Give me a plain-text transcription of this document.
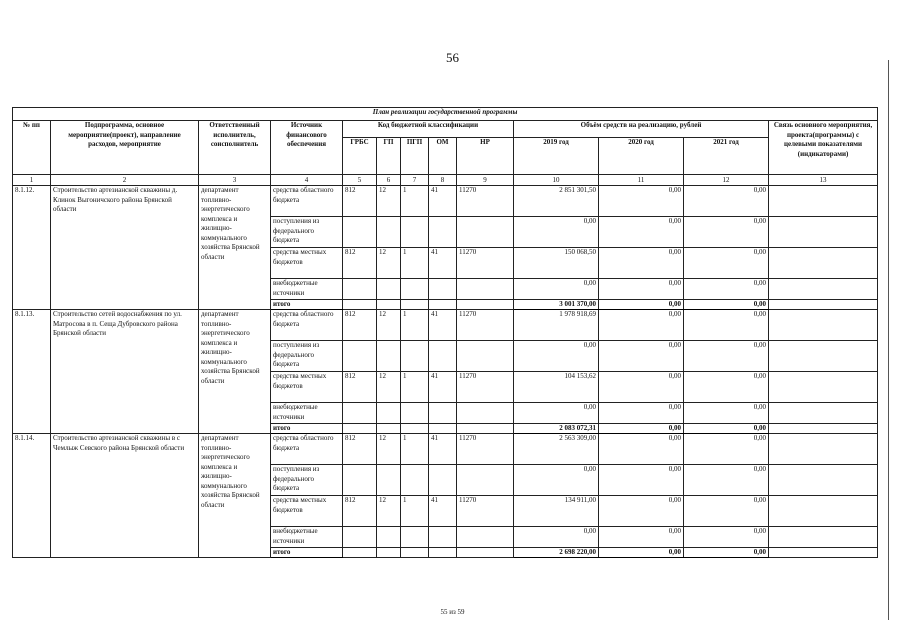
56
План реализации государственной программы												
№ пп	Подпрограмма, основное мероприятие(проект), направление расходов, мероприятие	Ответственный исполнитель, соисполнитель	Источник финансового обеспечения	Код бюджетной классификации					Объём средств на реализацию, рублей			Связь основного мероприятия, проекта(программы) с целевыми показателями (индикаторами)
				ГРБС	ГП	ПГП	ОМ	НР	2019 год	2020 год	2021 год	
1	2	3	4	5	6	7	8	9	10	11	12	13
8.1.12.	Строительство артезианской скважины д. Клинок Выгоничского района Брянской области	департамент топливно-энергетического комплекса и жилищно-коммунального хозяйства Брянской области	средства областного бюджета	812	12	1	41	11270	2 851 301,50	0,00	0,00	
			поступления из федерального бюджета						0,00	0,00	0,00	
			средства местных бюджетов	812	12	1	41	11270	150 068,50	0,00	0,00	
			внебюджетные источники						0,00	0,00	0,00	
			итого						3 001 370,00	0,00	0,00	
8.1.13.	Строительство сетей водоснабжения по ул. Матросова в п. Сеща Дубровского района Брянской области	департамент топливно-энергетического комплекса и жилищно-коммунального хозяйства Брянской области	средства областного бюджета	812	12	1	41	11270	1 978 918,69	0,00	0,00	
			поступления из федерального бюджета						0,00	0,00	0,00	
			средства местных бюджетов	812	12	1	41	11270	104 153,62	0,00	0,00	
			внебюджетные источники						0,00	0,00	0,00	
			итого						2 083 072,31	0,00	0,00	
8.1.14.	Строительство артезианской скважины в с Чемлыж Севского района Брянской области	департамент топливно-энергетического комплекса и жилищно-коммунального хозяйства Брянской области	средства областного бюджета	812	12	1	41	11270	2 563 309,00	0,00	0,00	
			поступления из федерального бюджета						0,00	0,00	0,00	
			средства местных бюджетов	812	12	1	41	11270	134 911,00	0,00	0,00	
			внебюджетные источники						0,00	0,00	0,00	
			итого						2 698 220,00	0,00	0,00	
55 из 59
